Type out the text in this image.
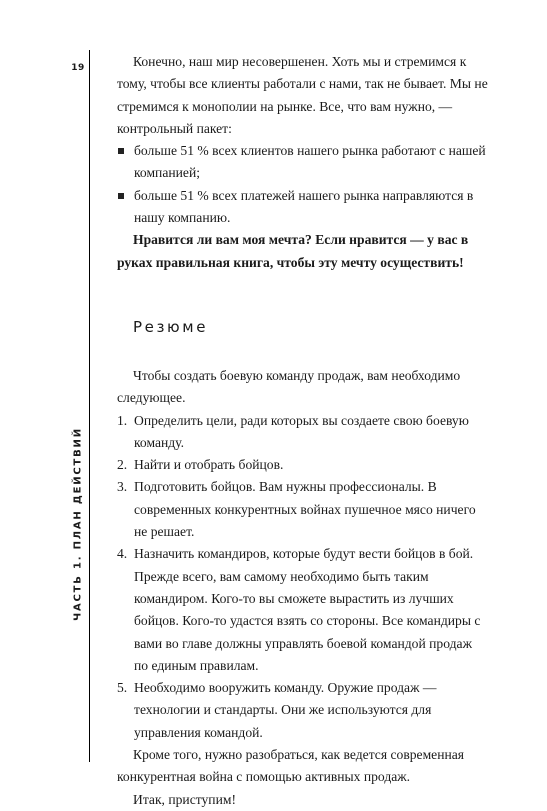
19
ЧАСТЬ 1. ПЛАН ДЕЙСТВИЙ

Конечно, наш мир несовершенен. Хоть мы и стремимся к тому, чтобы все клиенты работали с нами, так не бывает. Мы не стремимся к монополии на рынке. Все, что вам нужно, — контрольный пакет:

больше 51 % всех клиентов нашего рынка работают с нашей компанией;
больше 51 % всех платежей нашего рынка направляются в нашу компанию.

Нравится ли вам моя мечта? Если нравится — у вас в руках правильная книга, чтобы эту мечту осуществить!

Резюме

Чтобы создать боевую команду продаж, вам необходимо следующее.

1. Определить цели, ради которых вы создаете свою боевую команду.
2. Найти и отобрать бойцов.
3. Подготовить бойцов. Вам нужны профессионалы. В современных конкурентных войнах пушечное мясо ничего не решает.
4. Назначить командиров, которые будут вести бойцов в бой. Прежде всего, вам самому необходимо быть таким командиром. Кого-то вы сможете вырастить из лучших бойцов. Кого-то удастся взять со стороны. Все командиры с вами во главе должны управлять боевой командой продаж по единым правилам.
5. Необходимо вооружить команду. Оружие продаж — технологии и стандарты. Они же используются для управления командой.

Кроме того, нужно разобраться, как ведется современная конкурентная война с помощью активных продаж.

Итак, приступим!
